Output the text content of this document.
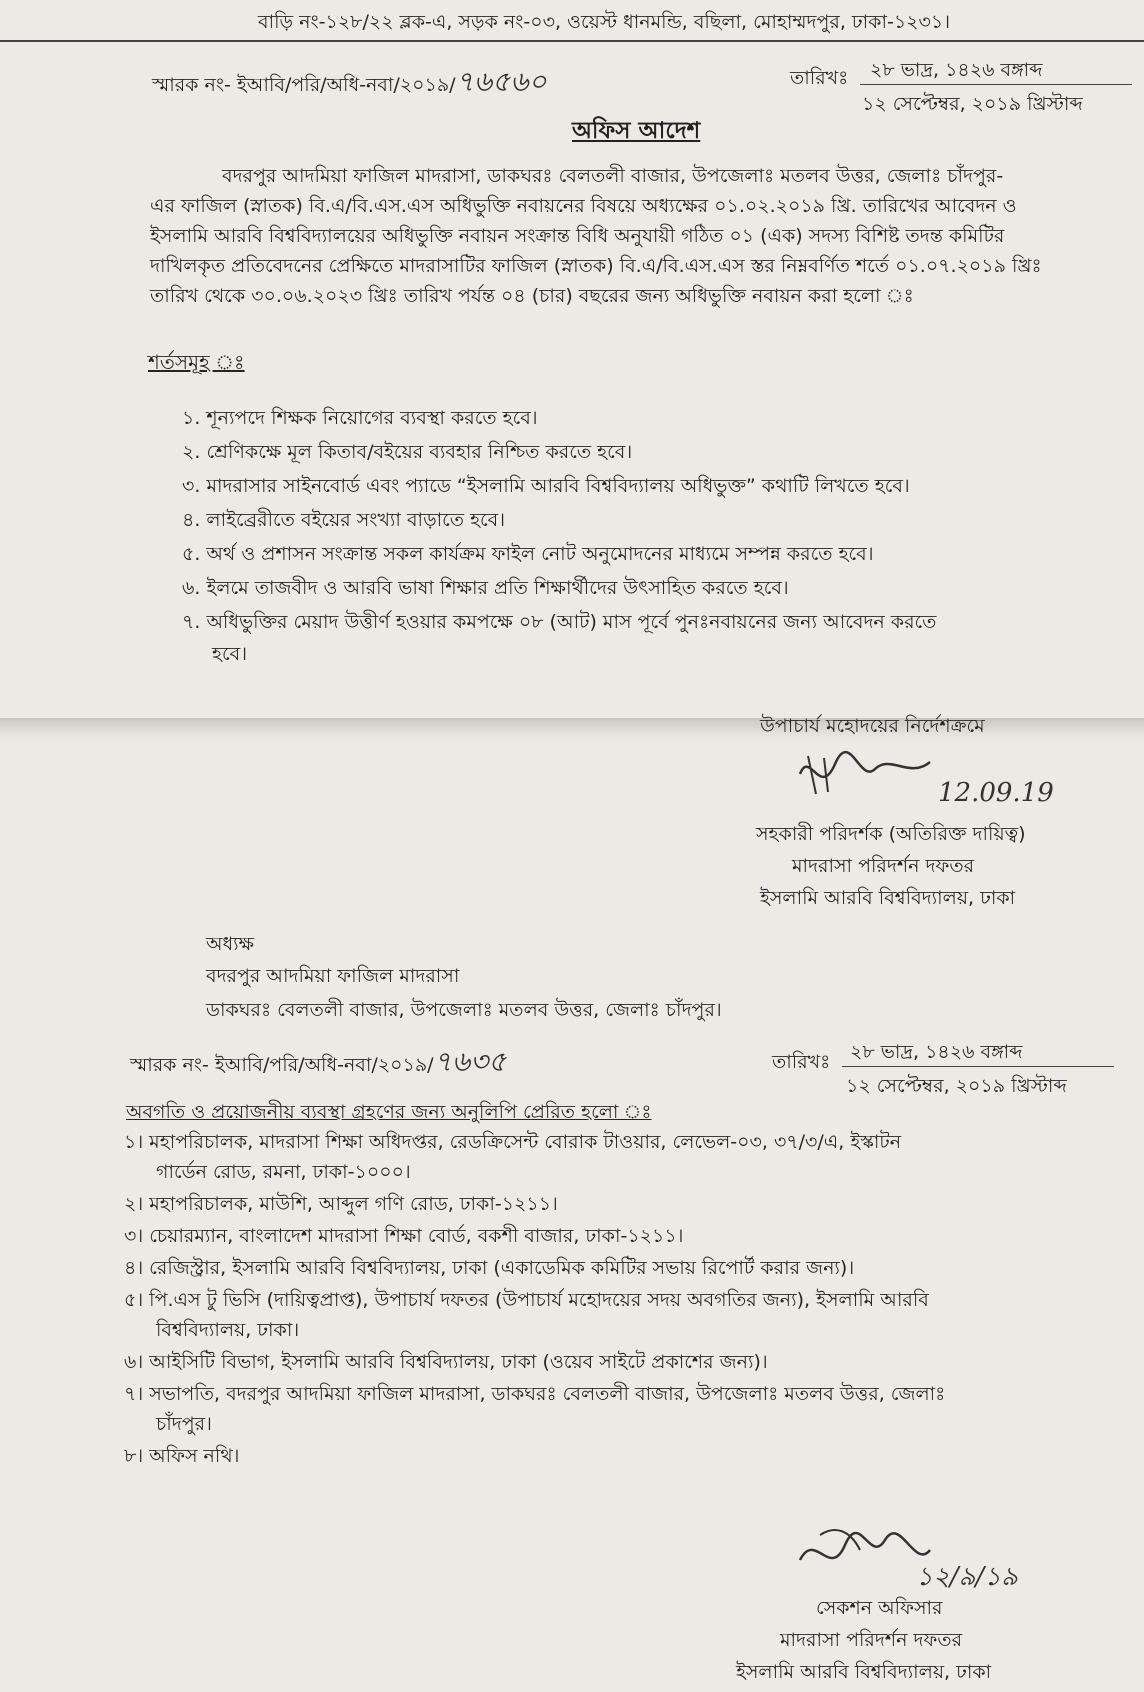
বাড়ি নং-১২৮/২২ ব্লক-এ, সড়ক নং-০৩, ওয়েস্ট ধানমন্ডি, বছিলা, মোহাম্মদপুর, ঢাকা-১২৩১।
স্মারক নং- ইআবি/পরি/অধি-নবা/২০১৯/৭৬৫৬০	তারিখঃ ২৮ ভাদ্র, ১৪২৬ বঙ্গাব্দ
১২ সেপ্টেম্বর, ২০১৯ খ্রিস্টাব্দ
অফিস আদেশ
বদরপুর আদমিয়া ফাজিল মাদরাসা, ডাকঘরঃ বেলতলী বাজার, উপজেলাঃ মতলব উত্তর, জেলাঃ চাঁদপুর-
এর ফাজিল (স্নাতক) বি.এ/বি.এস.এস অধিভুক্তি নবায়নের বিষয়ে অধ্যক্ষের ০১.০২.২০১৯ খ্রি. তারিখের আবেদন ও
ইসলামি আরবি বিশ্ববিদ্যালয়ের অধিভুক্তি নবায়ন সংক্রান্ত বিধি অনুযায়ী গঠিত ০১ (এক) সদস্য বিশিষ্ট তদন্ত কমিটির
দাখিলকৃত প্রতিবেদনের প্রেক্ষিতে মাদরাসাটির ফাজিল (স্নাতক) বি.এ/বি.এস.এস স্তর নিম্নবর্ণিত শর্তে ০১.০৭.২০১৯ খ্রিঃ
তারিখ থেকে ৩০.০৬.২০২৩ খ্রিঃ তারিখ পর্যন্ত ০৪ (চার) বছরের জন্য অধিভুক্তি নবায়ন করা হলো ঃ
শর্তসমূহ ঃ
১. শূন্যপদে শিক্ষক নিয়োগের ব্যবস্থা করতে হবে।
২. শ্রেণিকক্ষে মূল কিতাব/বইয়ের ব্যবহার নিশ্চিত করতে হবে।
৩. মাদরাসার সাইনবোর্ড এবং প্যাডে “ইসলামি আরবি বিশ্ববিদ্যালয় অধিভুক্ত” কথাটি লিখতে হবে।
৪. লাইব্রেরীতে বইয়ের সংখ্যা বাড়াতে হবে।
৫. অর্থ ও প্রশাসন সংক্রান্ত সকল কার্যক্রম ফাইল নোট অনুমোদনের মাধ্যমে সম্পন্ন করতে হবে।
৬. ইলমে তাজবীদ ও আরবি ভাষা শিক্ষার প্রতি শিক্ষার্থীদের উৎসাহিত করতে হবে।
৭. অধিভুক্তির মেয়াদ উত্তীর্ণ হওয়ার কমপক্ষে ০৮ (আট) মাস পূর্বে পুনঃনবায়নের জন্য আবেদন করতে
হবে।
উপাচার্য মহোদয়ের নির্দেশক্রমে
12.09.19
সহকারী পরিদর্শক (অতিরিক্ত দায়িত্ব)
মাদরাসা পরিদর্শন দফতর
ইসলামি আরবি বিশ্ববিদ্যালয়, ঢাকা
অধ্যক্ষ
বদরপুর আদমিয়া ফাজিল মাদরাসা
ডাকঘরঃ বেলতলী বাজার, উপজেলাঃ মতলব উত্তর, জেলাঃ চাঁদপুর।
স্মারক নং- ইআবি/পরি/অধি-নবা/২০১৯/৭৬৩৫	তারিখঃ ২৮ ভাদ্র, ১৪২৬ বঙ্গাব্দ
১২ সেপ্টেম্বর, ২০১৯ খ্রিস্টাব্দ
অবগতি ও প্রয়োজনীয় ব্যবস্থা গ্রহণের জন্য অনুলিপি প্রেরিত হলো ঃ
১। মহাপরিচালক, মাদরাসা শিক্ষা অধিদপ্তর, রেডক্রিসেন্ট বোরাক টাওয়ার, লেভেল-০৩, ৩৭/৩/এ, ইস্কাটন
গার্ডেন রোড, রমনা, ঢাকা-১০০০।
২। মহাপরিচালক, মাউশি, আব্দুল গণি রোড, ঢাকা-১২১১।
৩। চেয়ারম্যান, বাংলাদেশ মাদরাসা শিক্ষা বোর্ড, বকশী বাজার, ঢাকা-১২১১।
৪। রেজিস্ট্রার, ইসলামি আরবি বিশ্ববিদ্যালয়, ঢাকা (একাডেমিক কমিটির সভায় রিপোর্ট করার জন্য)।
৫। পি.এস টু ভিসি (দায়িত্বপ্রাপ্ত), উপাচার্য দফতর (উপাচার্য মহোদয়ের সদয় অবগতির জন্য), ইসলামি আরবি
বিশ্ববিদ্যালয়, ঢাকা।
৬। আইসিটি বিভাগ, ইসলামি আরবি বিশ্ববিদ্যালয়, ঢাকা (ওয়েব সাইটে প্রকাশের জন্য)।
৭। সভাপতি, বদরপুর আদমিয়া ফাজিল মাদরাসা, ডাকঘরঃ বেলতলী বাজার, উপজেলাঃ মতলব উত্তর, জেলাঃ
চাঁদপুর।
৮। অফিস নথি।
১২/৯/১৯
সেকশন অফিসার
মাদরাসা পরিদর্শন দফতর
ইসলামি আরবি বিশ্ববিদ্যালয়, ঢাকা
